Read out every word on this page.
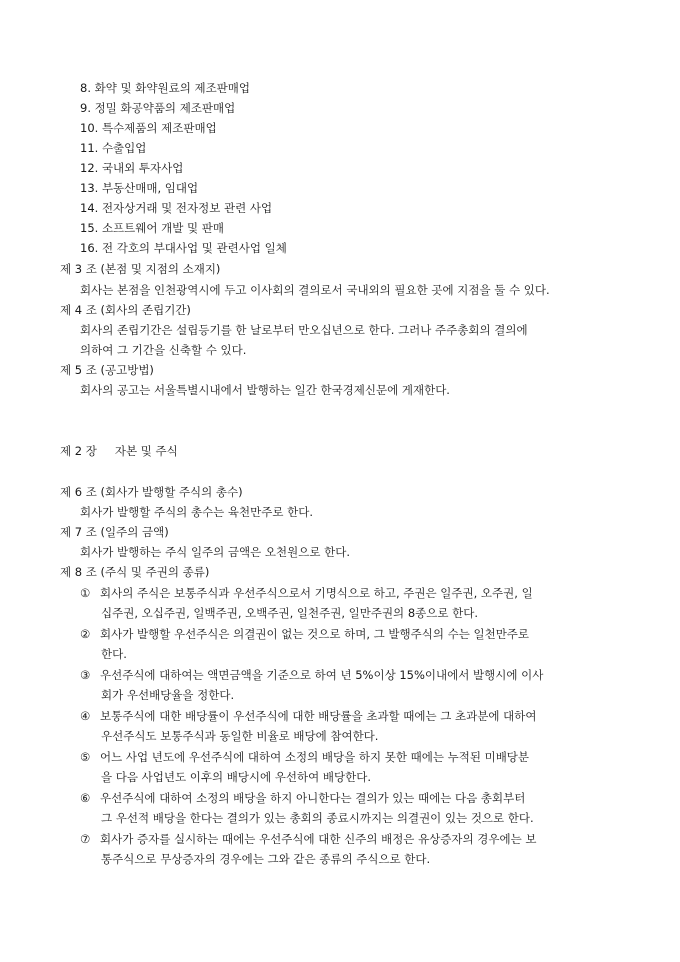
8. 화약 및 화약원료의 제조판매업
9. 정밀 화공약품의 제조판매업
10. 특수제품의 제조판매업
11. 수출입업
12. 국내외 투자사업
13. 부동산매매, 임대업
14. 전자상거래 및 전자정보 관련 사업
15. 소프트웨어 개발 및 판매
16. 전 각호의 부대사업 및 관련사업 일체
제 3 조 (본점 및 지점의 소재지)
회사는 본점을 인천광역시에 두고 이사회의 결의로서 국내외의 필요한 곳에 지점을 둘 수 있다.
제 4 조 (회사의 존립기간)
회사의 존립기간은 설립등기를 한 날로부터 만오십년으로 한다. 그러나 주주총회의 결의에
의하여 그 기간을 신축할 수 있다.
제 5 조 (공고방법)
회사의 공고는 서울특별시내에서 발행하는 일간 한국경제신문에 게재한다.
제 2 장 자본 및 주식
제 6 조 (회사가 발행할 주식의 총수)
회사가 발행할 주식의 총수는 육천만주로 한다.
제 7 조 (일주의 금액)
회사가 발행하는 주식 일주의 금액은 오천원으로 한다.
제 8 조 (주식 및 주권의 종류)
① 회사의 주식은 보통주식과 우선주식으로서 기명식으로 하고, 주권은 일주권, 오주권, 일
십주권, 오십주권, 일백주권, 오백주권, 일천주권, 일만주권의 8종으로 한다.
② 회사가 발행할 우선주식은 의결권이 없는 것으로 하며, 그 발행주식의 수는 일천만주로
한다.
③ 우선주식에 대하여는 액면금액을 기준으로 하여 년 5%이상 15%이내에서 발행시에 이사
회가 우선배당율을 정한다.
④ 보통주식에 대한 배당률이 우선주식에 대한 배당률을 초과할 때에는 그 초과분에 대하여
우선주식도 보통주식과 동일한 비율로 배당에 참여한다.
⑤ 어느 사업 년도에 우선주식에 대하여 소정의 배당을 하지 못한 때에는 누적된 미배당분
을 다음 사업년도 이후의 배당시에 우선하여 배당한다.
⑥ 우선주식에 대하여 소정의 배당을 하지 아니한다는 결의가 있는 때에는 다음 총회부터
그 우선적 배당을 한다는 결의가 있는 총회의 종료시까지는 의결권이 있는 것으로 한다.
⑦ 회사가 증자를 실시하는 때에는 우선주식에 대한 신주의 배정은 유상증자의 경우에는 보
통주식으로 무상증자의 경우에는 그와 같은 종류의 주식으로 한다.
